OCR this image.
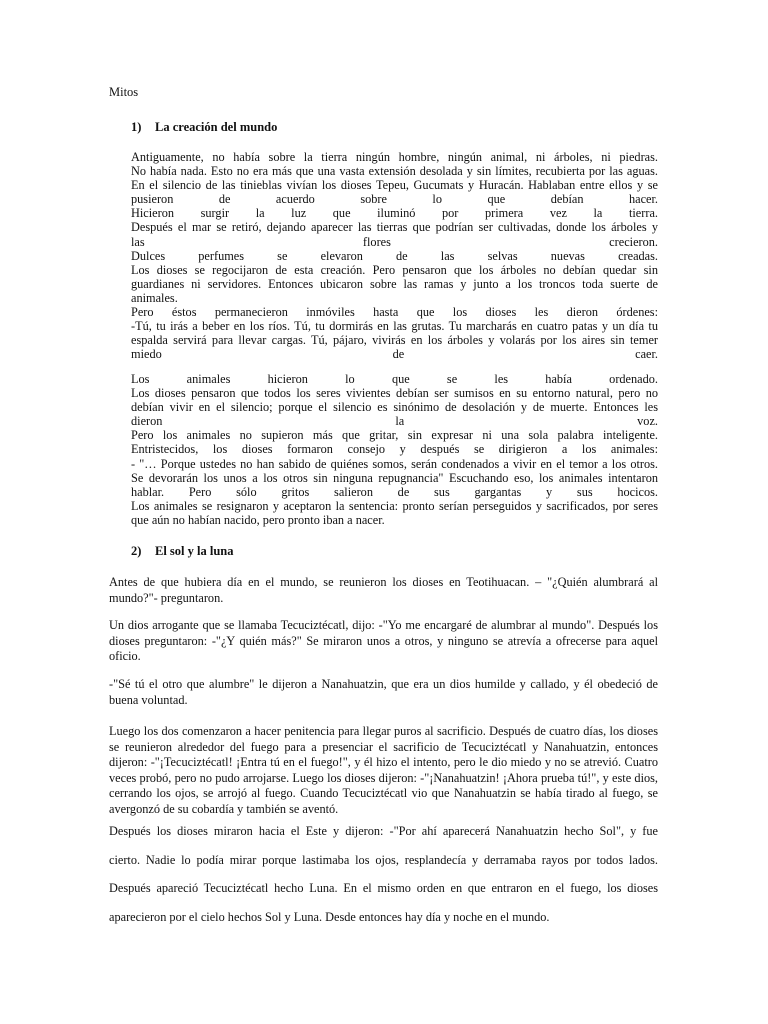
Mitos
1) La creación del mundo

Antiguamente, no había sobre la tierra ningún hombre, ningún animal, ni árboles, ni piedras.

No había nada. Esto no era más que una vasta extensión desolada y sin límites, recubierta por las aguas.

En el silencio de las tinieblas vivían los dioses Tepeu, Gucumats y Huracán. Hablaban entre ellos y se

pusieron de acuerdo sobre lo que debían hacer.

Hicieron surgir la luz que iluminó por primera vez la tierra.

Después el mar se retiró, dejando aparecer las tierras que podrían ser cultivadas, donde los árboles y

las flores crecieron.

Dulces perfumes se elevaron de las selvas nuevas creadas.

Los dioses se regocijaron de esta creación. Pero pensaron que los árboles no debían quedar sin

guardianes ni servidores. Entonces ubicaron sobre las ramas y junto a los troncos toda suerte de

animales.

Pero éstos permanecieron inmóviles hasta que los dioses les dieron órdenes:

-Tú, tu irás a beber en los ríos. Tú, tu dormirás en las grutas. Tu marcharás en cuatro patas y un día tu

espalda servirá para llevar cargas. Tú, pájaro, vivirás en los árboles y volarás por los aires sin temer

miedo de caer.

Los animales hicieron lo que se les había ordenado.

Los dioses pensaron que todos los seres vivientes debían ser sumisos en su entorno natural, pero no

debían vivir en el silencio; porque el silencio es sinónimo de desolación y de muerte. Entonces les

dieron la voz.

Pero los animales no supieron más que gritar, sin expresar ni una sola palabra inteligente.

Entristecidos, los dioses formaron consejo y después se dirigieron a los animales:

- "… Porque ustedes no han sabido de quiénes somos, serán condenados a vivir en el temor a los otros.

Se devorarán los unos a los otros sin ninguna repugnancia" Escuchando eso, los animales intentaron

hablar. Pero sólo gritos salieron de sus gargantas y sus hocicos.

Los animales se resignaron y aceptaron la sentencia: pronto serían perseguidos y sacrificados, por seres

que aún no habían nacido, pero pronto iban a nacer.

2) El sol y la luna

Antes de que hubiera día en el mundo, se reunieron los dioses en Teotihuacan. – "¿Quién alumbrará al mundo?"- preguntaron.

Un dios arrogante que se llamaba Tecuciztécatl, dijo: -"Yo me encargaré de alumbrar al mundo". Después los dioses preguntaron: -"¿Y quién más?" Se miraron unos a otros, y ninguno se atrevía a ofrecerse para aquel oficio.

-"Sé tú el otro que alumbre" le dijeron a Nanahuatzin, que era un dios humilde y callado, y él obedeció de buena voluntad.

Luego los dos comenzaron a hacer penitencia para llegar puros al sacrificio. Después de cuatro días, los dioses se reunieron alrededor del fuego para a presenciar el sacrificio de Tecuciztécatl y Nanahuatzin, entonces dijeron: -"¡Tecuciztécatl! ¡Entra tú en el fuego!", y él hizo el intento, pero le dio miedo y no se atrevió. Cuatro veces probó, pero no pudo arrojarse. Luego los dioses dijeron: -"¡Nanahuatzin! ¡Ahora prueba tú!", y este dios, cerrando los ojos, se arrojó al fuego. Cuando Tecuciztécatl vio que Nanahuatzin se había tirado al fuego, se avergonzó de su cobardía y también se aventó.

Después los dioses miraron hacia el Este y dijeron: -"Por ahí aparecerá Nanahuatzin hecho Sol", y fue

cierto. Nadie lo podía mirar porque lastimaba los ojos, resplandecía y derramaba rayos por todos lados.

Después apareció Tecuciztécatl hecho Luna. En el mismo orden en que entraron en el fuego, los dioses

aparecieron por el cielo hechos Sol y Luna. Desde entonces hay día y noche en el mundo.
